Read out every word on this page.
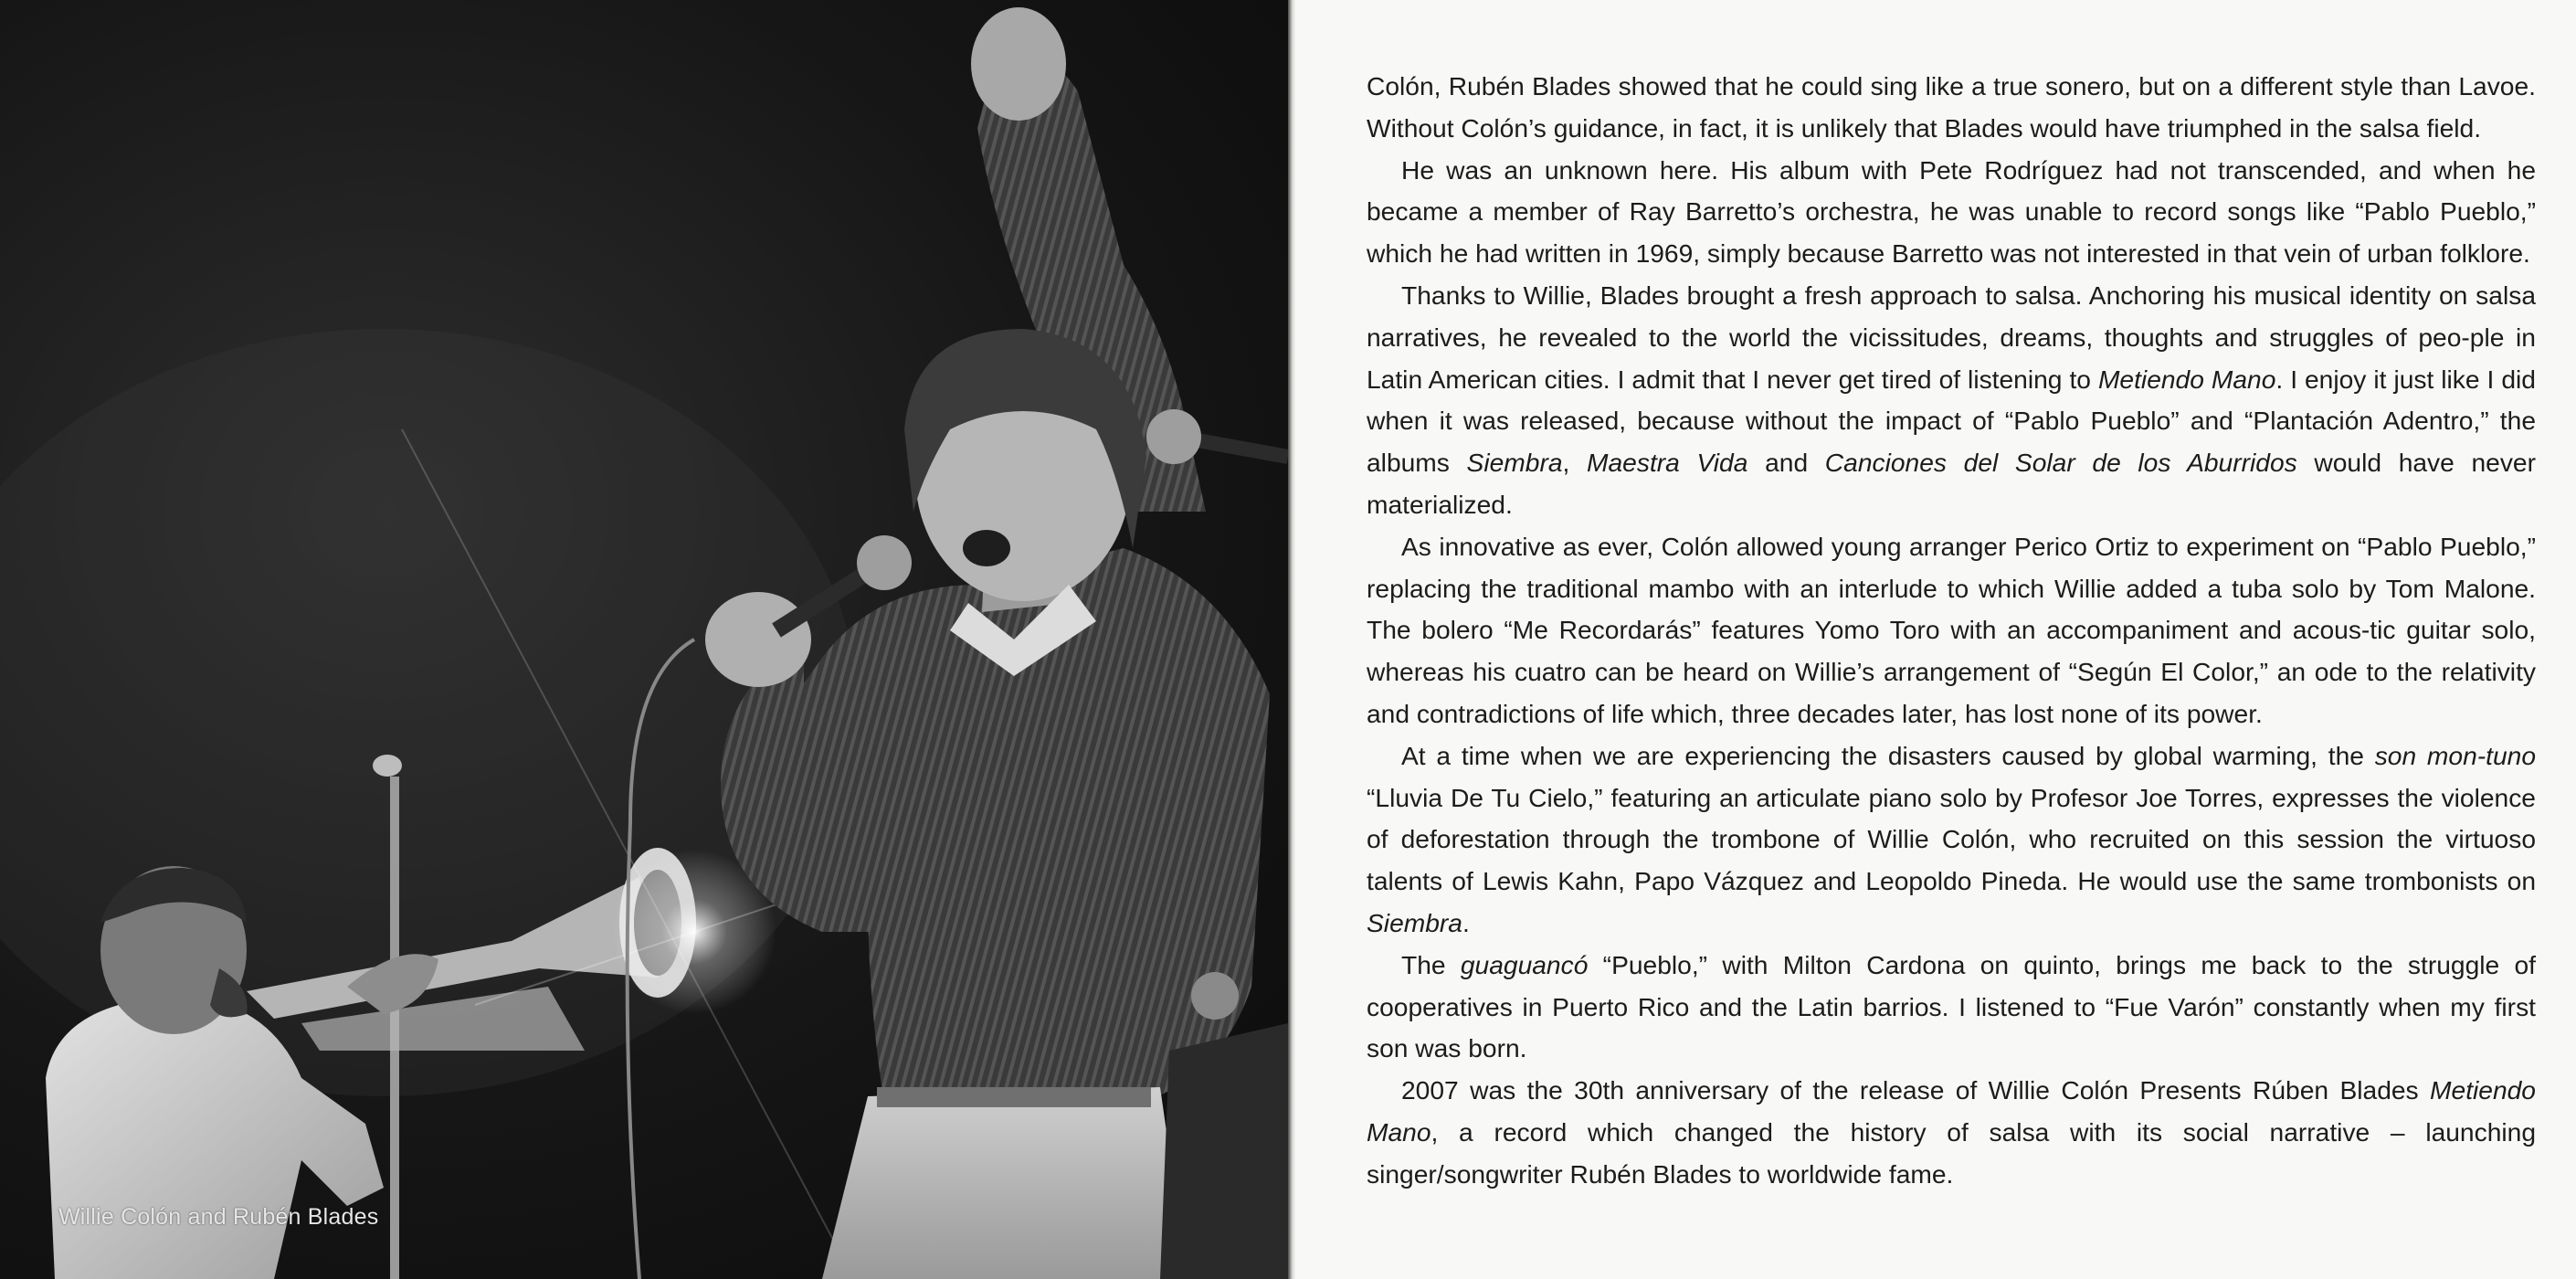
Willie Colón and Rubén Blades

Colón, Rubén Blades showed that he could sing like a true sonero, but on a different style than Lavoe. Without Colón’s guidance, in fact, it is unlikely that Blades would have triumphed in the salsa field.

He was an unknown here. His album with Pete Rodríguez had not transcended, and when he became a member of Ray Barretto’s orchestra, he was unable to record songs like “Pablo Pueblo,” which he had written in 1969, simply because Barretto was not interested in that vein of urban folklore.

Thanks to Willie, Blades brought a fresh approach to salsa. Anchoring his musical identity on salsa narratives, he revealed to the world the vicissitudes, dreams, thoughts and struggles of peo-ple in Latin American cities. I admit that I never get tired of listening to Metiendo Mano. I enjoy it just like I did when it was released, because without the impact of “Pablo Pueblo” and “Plantación Adentro,” the albums Siembra, Maestra Vida and Canciones del Solar de los Aburridos would have never materialized.

As innovative as ever, Colón allowed young arranger Perico Ortiz to experiment on “Pablo Pueblo,” replacing the traditional mambo with an interlude to which Willie added a tuba solo by Tom Malone. The bolero “Me Recordarás” features Yomo Toro with an accompaniment and acous-tic guitar solo, whereas his cuatro can be heard on Willie’s arrangement of “Según El Color,” an ode to the relativity and contradictions of life which, three decades later, has lost none of its power.

At a time when we are experiencing the disasters caused by global warming, the son mon-tuno “Lluvia De Tu Cielo,” featuring an articulate piano solo by Profesor Joe Torres, expresses the violence of deforestation through the trombone of Willie Colón, who recruited on this session the virtuoso talents of Lewis Kahn, Papo Vázquez and Leopoldo Pineda. He would use the same trombonists on Siembra.

The guaguancó “Pueblo,” with Milton Cardona on quinto, brings me back to the struggle of cooperatives in Puerto Rico and the Latin barrios. I listened to “Fue Varón” constantly when my first son was born.

2007 was the 30th anniversary of the release of Willie Colón Presents Rúben Blades Metiendo Mano, a record which changed the history of salsa with its social narrative – launching singer/songwriter Rubén Blades to worldwide fame.
